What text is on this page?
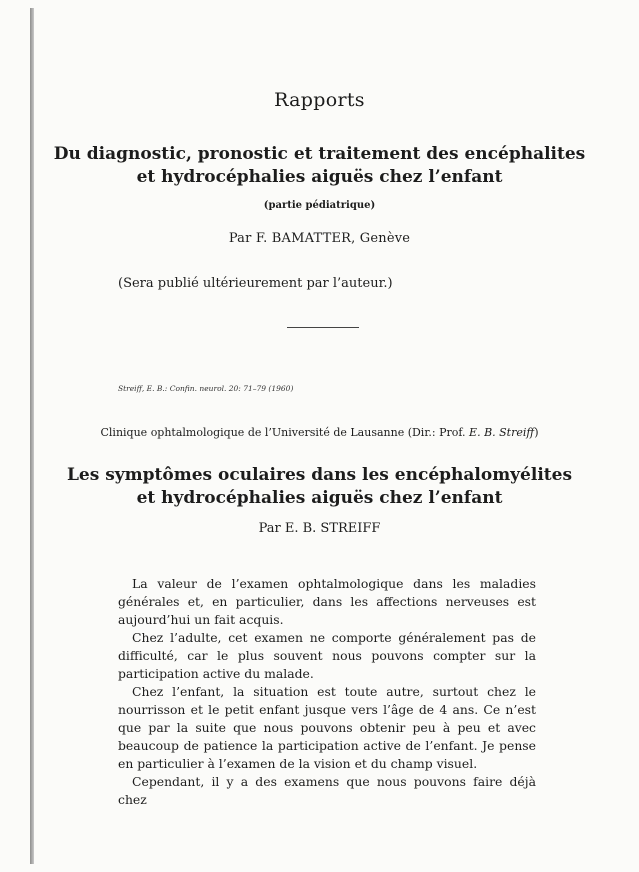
Rapports
Du diagnostic, pronostic et traitement des encéphalites
et hydrocéphalies aiguës chez l’enfant
(partie pédiatrique)
Par F. BAMATTER, Genève
(Sera publié ultérieurement par l’auteur.)
Streiff, E. B.: Confin. neurol. 20: 71–79 (1960)
Clinique ophtalmologique de l’Université de Lausanne (Dir.: Prof. E. B. Streiff)
Les symptômes oculaires dans les encéphalomyélites
et hydrocéphalies aiguës chez l’enfant
Par E. B. STREIFF

La valeur de l’examen ophtalmologique dans les maladies générales et, en particulier, dans les affections nerveuses est aujourd’hui un fait acquis.

Chez l’adulte, cet examen ne comporte généralement pas de difficulté, car le plus souvent nous pouvons compter sur la participation active du malade.

Chez l’enfant, la situation est toute autre, surtout chez le nourrisson et le petit enfant jusque vers l’âge de 4 ans. Ce n’est que par la suite que nous pouvons obtenir peu à peu et avec beaucoup de patience la participation active de l’enfant. Je pense en particulier à l’examen de la vision et du champ visuel.

Cependant, il y a des examens que nous pouvons faire déjà chez
